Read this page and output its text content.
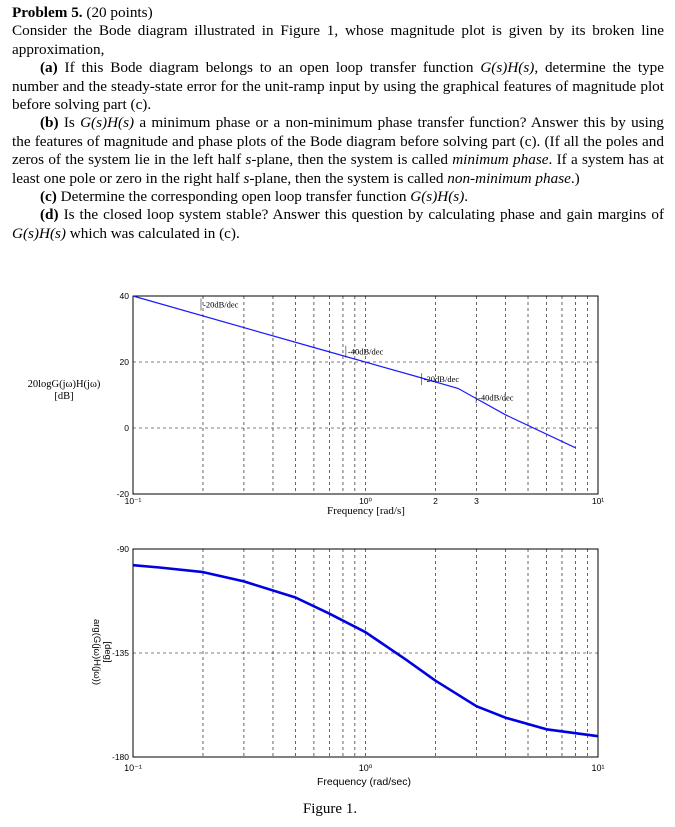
Problem 5. (20 points)

Consider the Bode diagram illustrated in Figure 1, whose magnitude plot is given by its broken line approximation,

(a) If this Bode diagram belongs to an open loop transfer function G(s)H(s), determine the type number and the steady-state error for the unit-ramp input by using the graphical features of magnitude plot before solving part (c).

(b) Is G(s)H(s) a minimum phase or a non-minimum phase transfer function? Answer this by using the features of magnitude and phase plots of the Bode diagram before solving part (c). (If all the poles and zeros of the system lie in the left half s-plane, then the system is called minimum phase. If a system has at least one pole or zero in the right half s-plane, then the system is called non-minimum phase.)

(c) Determine the corresponding open loop transfer function G(s)H(s).

(d) Is the closed loop system stable? Answer this question by calculating phase and gain margins of G(s)H(s) which was calculated in (c).

40
20
0
-20
10⁻¹	10⁰	2	3	10¹
-20dB/dec
-40dB/dec
-20dB/dec
-40dB/dec
20logG(jω)H(jω)
[dB]
Frequency [rad/s]
-90
-135
-180
10⁻¹	10⁰	10¹
arg(G(jω)H(jω)) [deg]
Frequency (rad/sec)
Figure 1.
